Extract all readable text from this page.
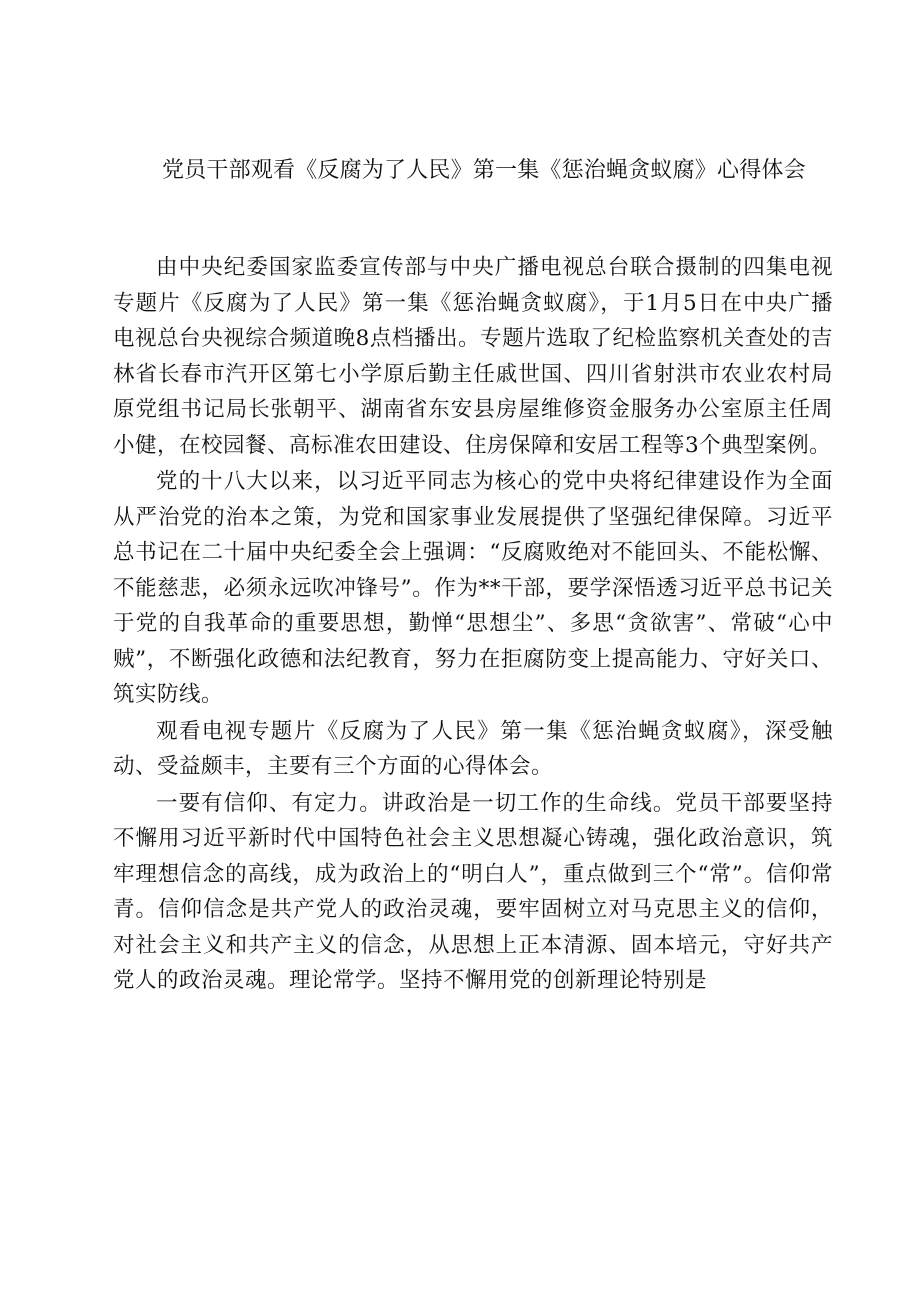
党员干部观看《反腐为了人民》第一集《惩治蝇贪蚁腐》心得体会

由中央纪委国家监委宣传部与中央广播电视总台联合摄制的四集电视专题片《反腐为了人民》第一集《惩治蝇贪蚁腐》，于1月5日在中央广播电视总台央视综合频道晚8点档播出。专题片选取了纪检监察机关查处的吉林省长春市汽开区第七小学原后勤主任戚世国、四川省射洪市农业农村局原党组书记局长张朝平、湖南省东安县房屋维修资金服务办公室原主任周小健，在校园餐、高标准农田建设、住房保障和安居工程等3个典型案例。

党的十八大以来，以习近平同志为核心的党中央将纪律建设作为全面从严治党的治本之策，为党和国家事业发展提供了坚强纪律保障。习近平总书记在二十届中央纪委全会上强调：“反腐败绝对不能回头、不能松懈、不能慈悲，必须永远吹冲锋号”。作为**干部，要学深悟透习近平总书记关于党的自我革命的重要思想，勤惮“思想尘”、多思“贪欲害”、常破“心中贼”，不断强化政德和法纪教育，努力在拒腐防变上提高能力、守好关口、筑实防线。

观看电视专题片《反腐为了人民》第一集《惩治蝇贪蚁腐》，深受触动、受益颇丰，主要有三个方面的心得体会。

一要有信仰、有定力。讲政治是一切工作的生命线。党员干部要坚持不懈用习近平新时代中国特色社会主义思想凝心铸魂，强化政治意识，筑牢理想信念的高线，成为政治上的“明白人”，重点做到三个“常”。信仰常青。信仰信念是共产党人的政治灵魂，要牢固树立对马克思主义的信仰，对社会主义和共产主义的信念，从思想上正本清源、固本培元，守好共产党人的政治灵魂。理论常学。坚持不懈用党的创新理论特别是
